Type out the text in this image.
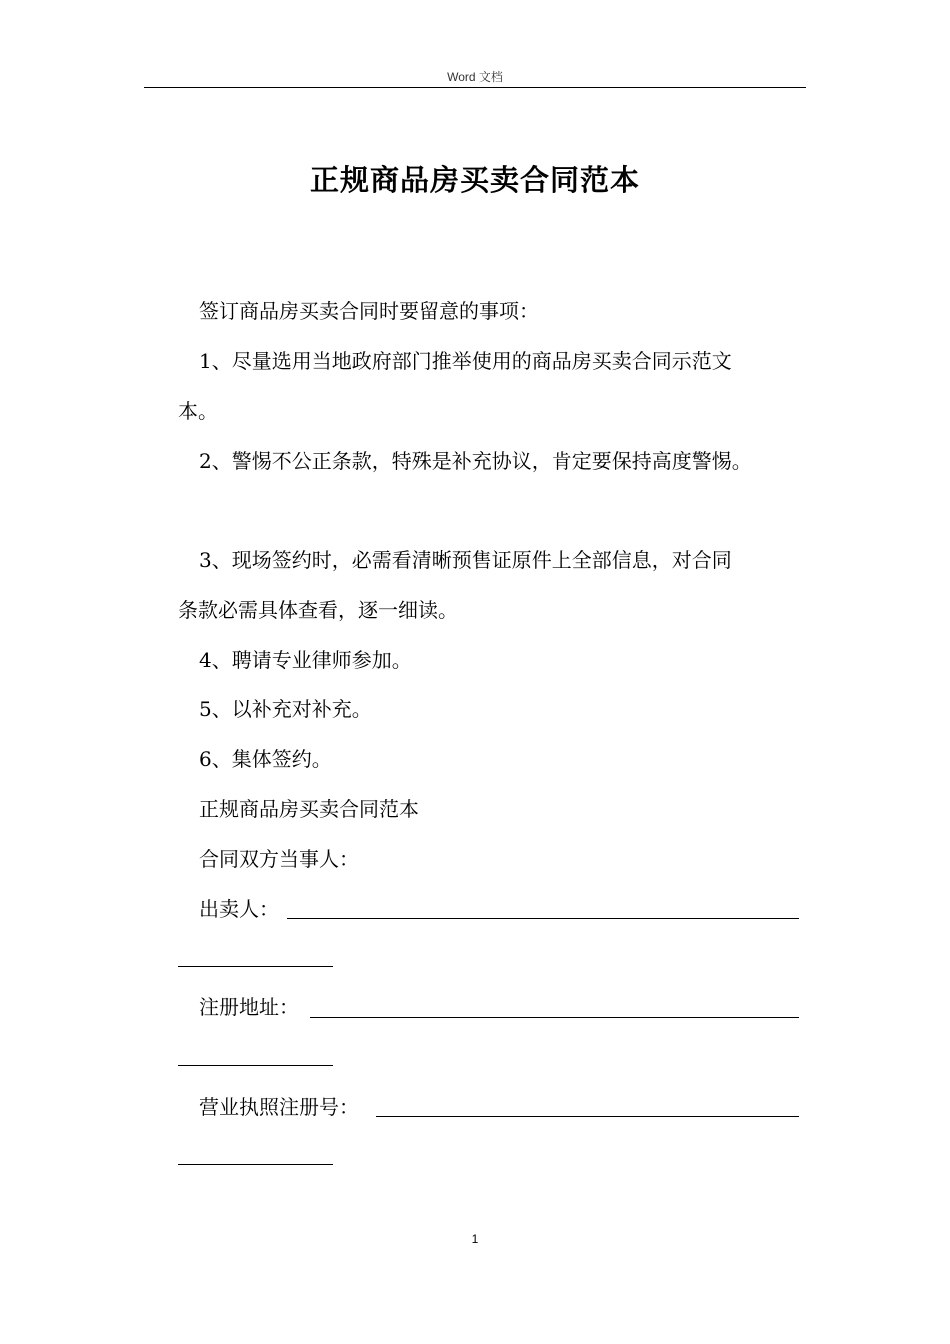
Word 文档
正规商品房买卖合同范本
签订商品房买卖合同时要留意的事项：
1、尽量选用当地政府部门推举使用的商品房买卖合同示范文
本。
2、警惕不公正条款，特殊是补充协议，肯定要保持高度警惕。
3、现场签约时，必需看清晰预售证原件上全部信息，对合同
条款必需具体查看，逐一细读。
4、聘请专业律师参加。
5、以补充对补充。
6、集体签约。
正规商品房买卖合同范本
合同双方当事人：
出卖人：
注册地址：
营业执照注册号：
1
